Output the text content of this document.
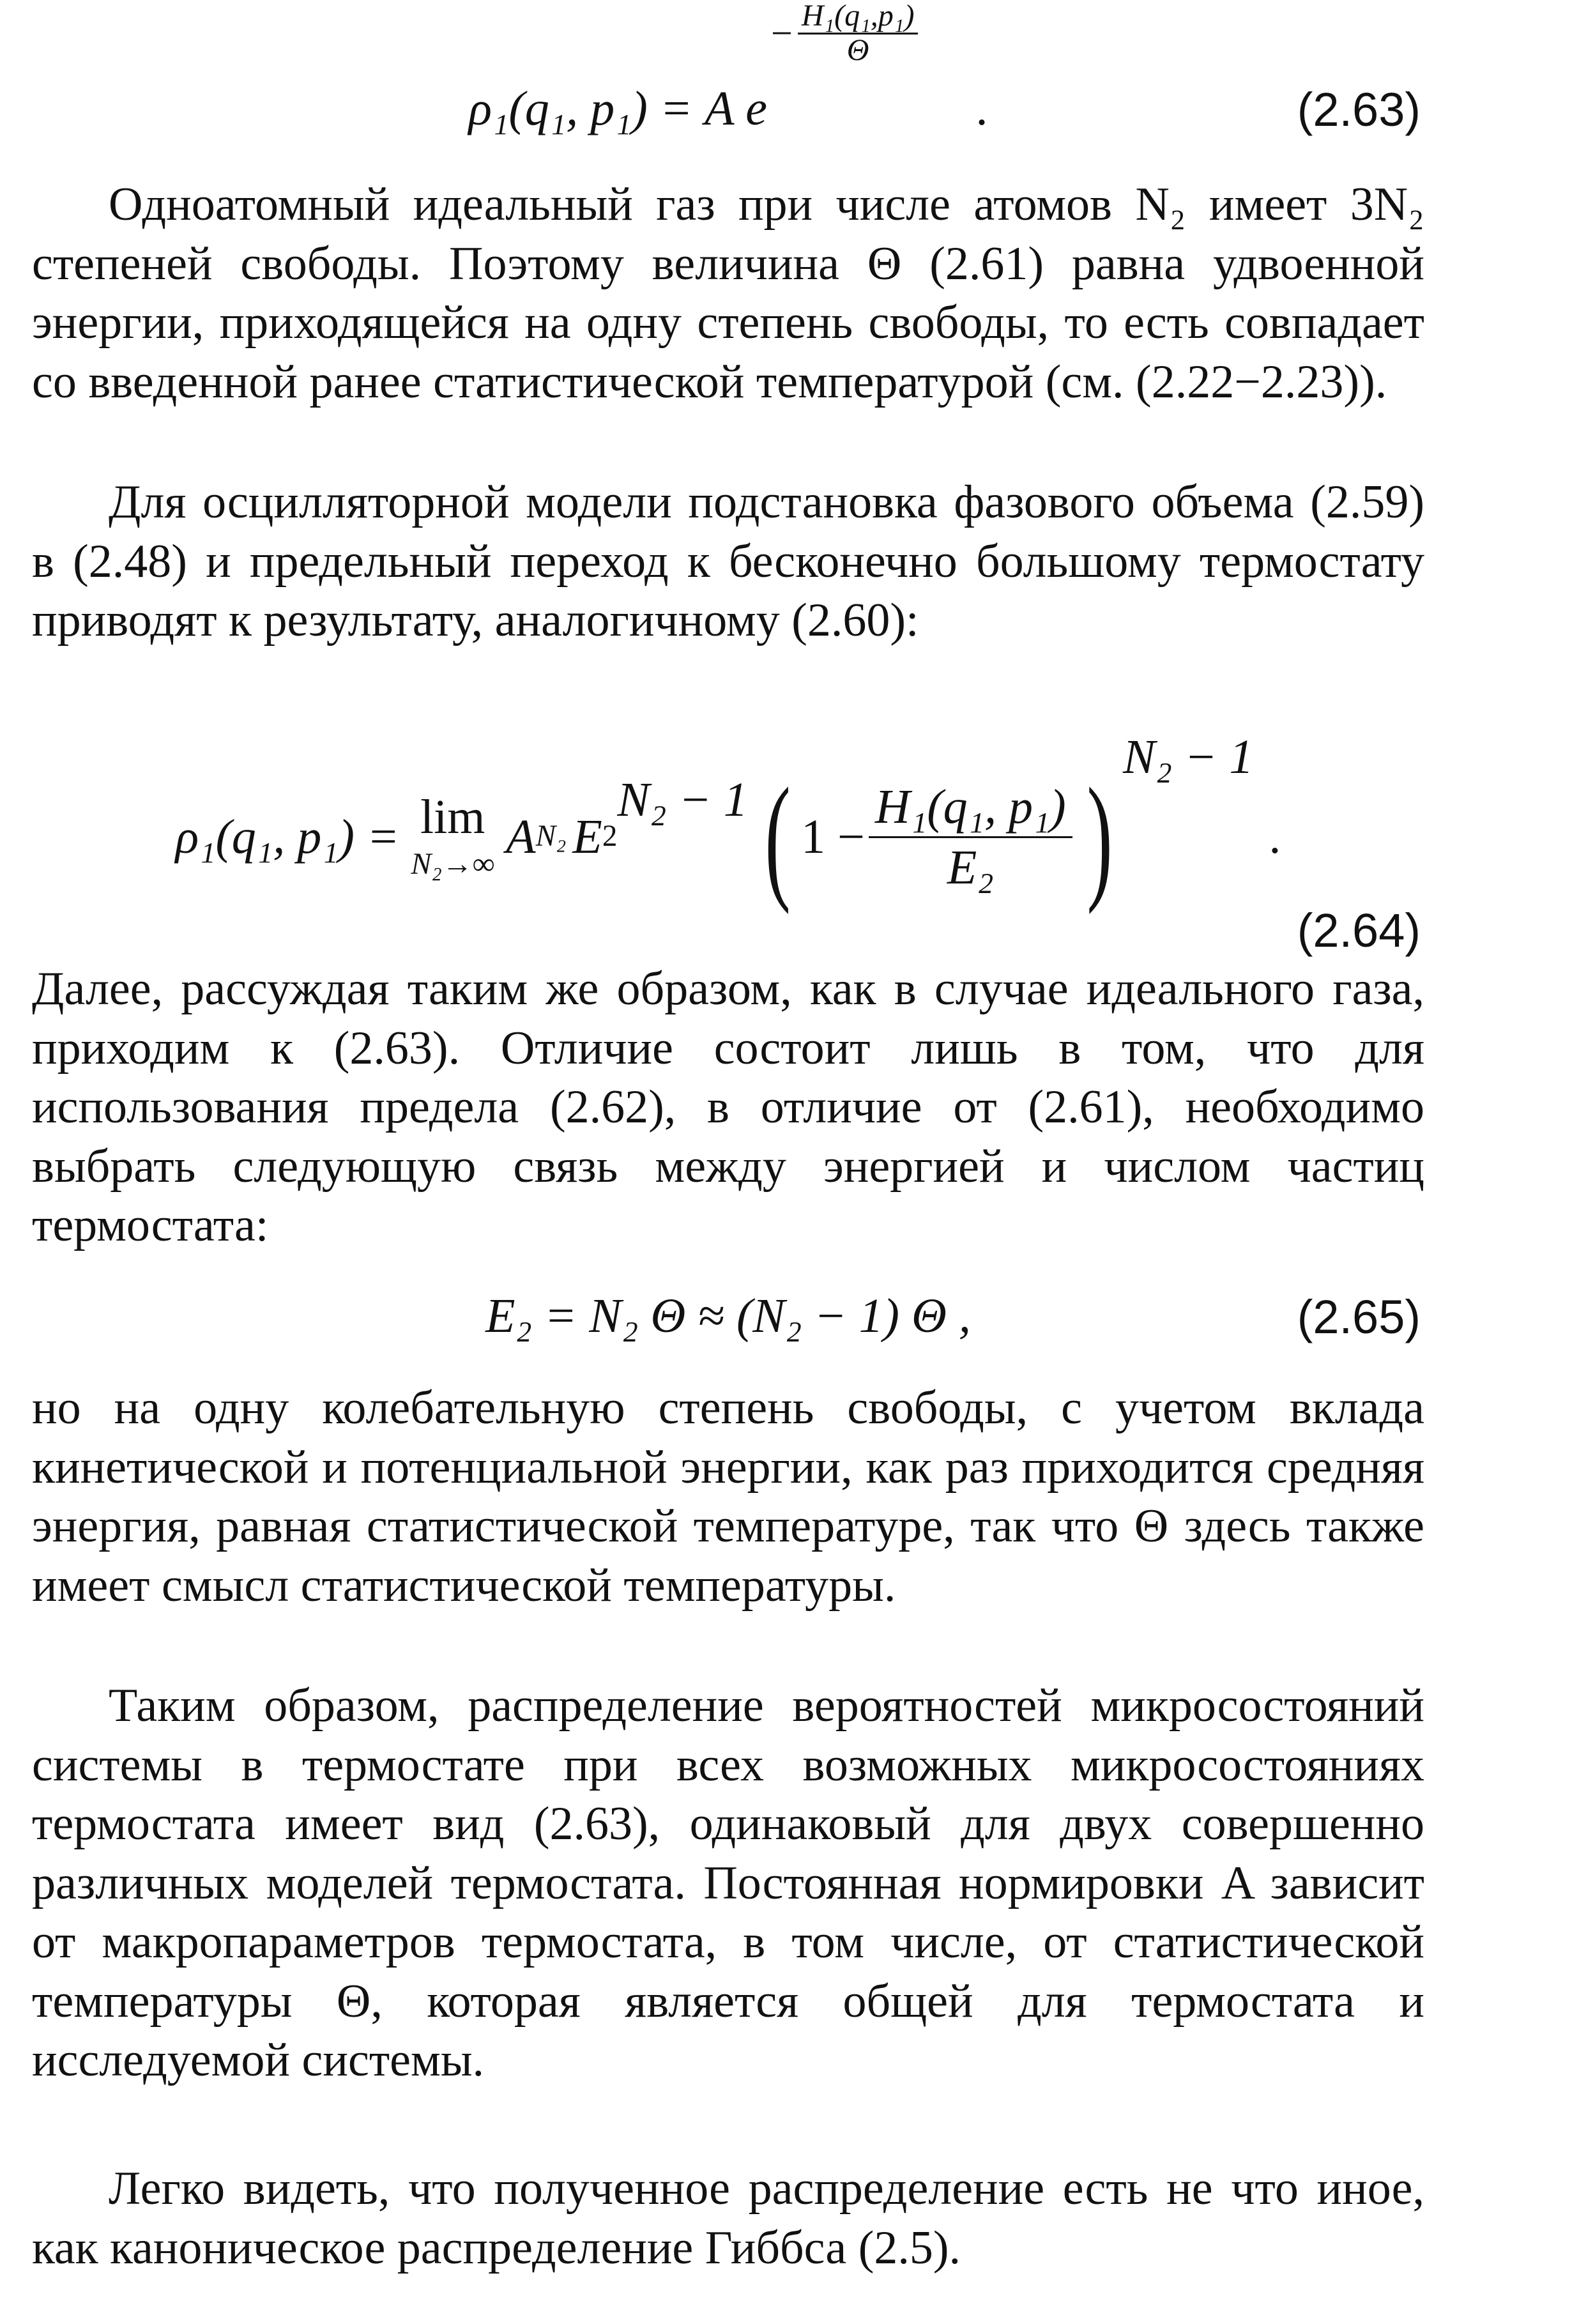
ρ₁(q₁, p₁) = A e
− $\frac{\text{H₁(q₁,p₁)}}{\Theta}$
.	(2.63)
Одноатомный идеальный газ при числе атомов N₂ имеет 3N₂ степеней свободы. Поэтому величина Θ (2.61) равна удвоенной энергии, приходящейся на одну степень свободы, то есть совпадает со введенной ранее статистической температурой (см. (2.22−2.23)).
Для осцилляторной модели подстановка фазового объема (2.59) в (2.48) и предельный переход к бесконечно большому термостату приводят к результату, аналогичному (2.60):
ρ₁(q₁, p₁) = lim
N₂→∞
A N₂ E 2
N₂ − 1 ( $1 - \frac{\text{H₁(q₁, p₁)}}{\text{E₂}}$ )
N₂ − 1
.
(2.64)
Далее, рассуждая таким же образом, как в случае идеального газа, приходим к (2.63). Отличие состоит лишь в том, что для использования предела (2.62), в отличие от (2.61), необходимо выбрать следующую связь между энергией и числом частиц термостата:
E₂ = N₂ Θ ≈ (N₂ − 1) Θ ,	(2.65)
но на одну колебательную степень свободы, с учетом вклада кинетической и потенциальной энергии, как раз приходится средняя энергия, равная статистической температуре, так что Θ здесь также имеет смысл статистической температуры.
Таким образом, распределение вероятностей микросостояний системы в термостате при всех возможных микросостояниях термостата имеет вид (2.63), одинаковый для двух совершенно различных моделей термостата. Постоянная нормировки A зависит от макропараметров термостата, в том числе, от статистической температуры Θ, которая является общей для термостата и исследуемой системы.
Легко видеть, что полученное распределение есть не что иное, как каноническое распределение Гиббса (2.5).
